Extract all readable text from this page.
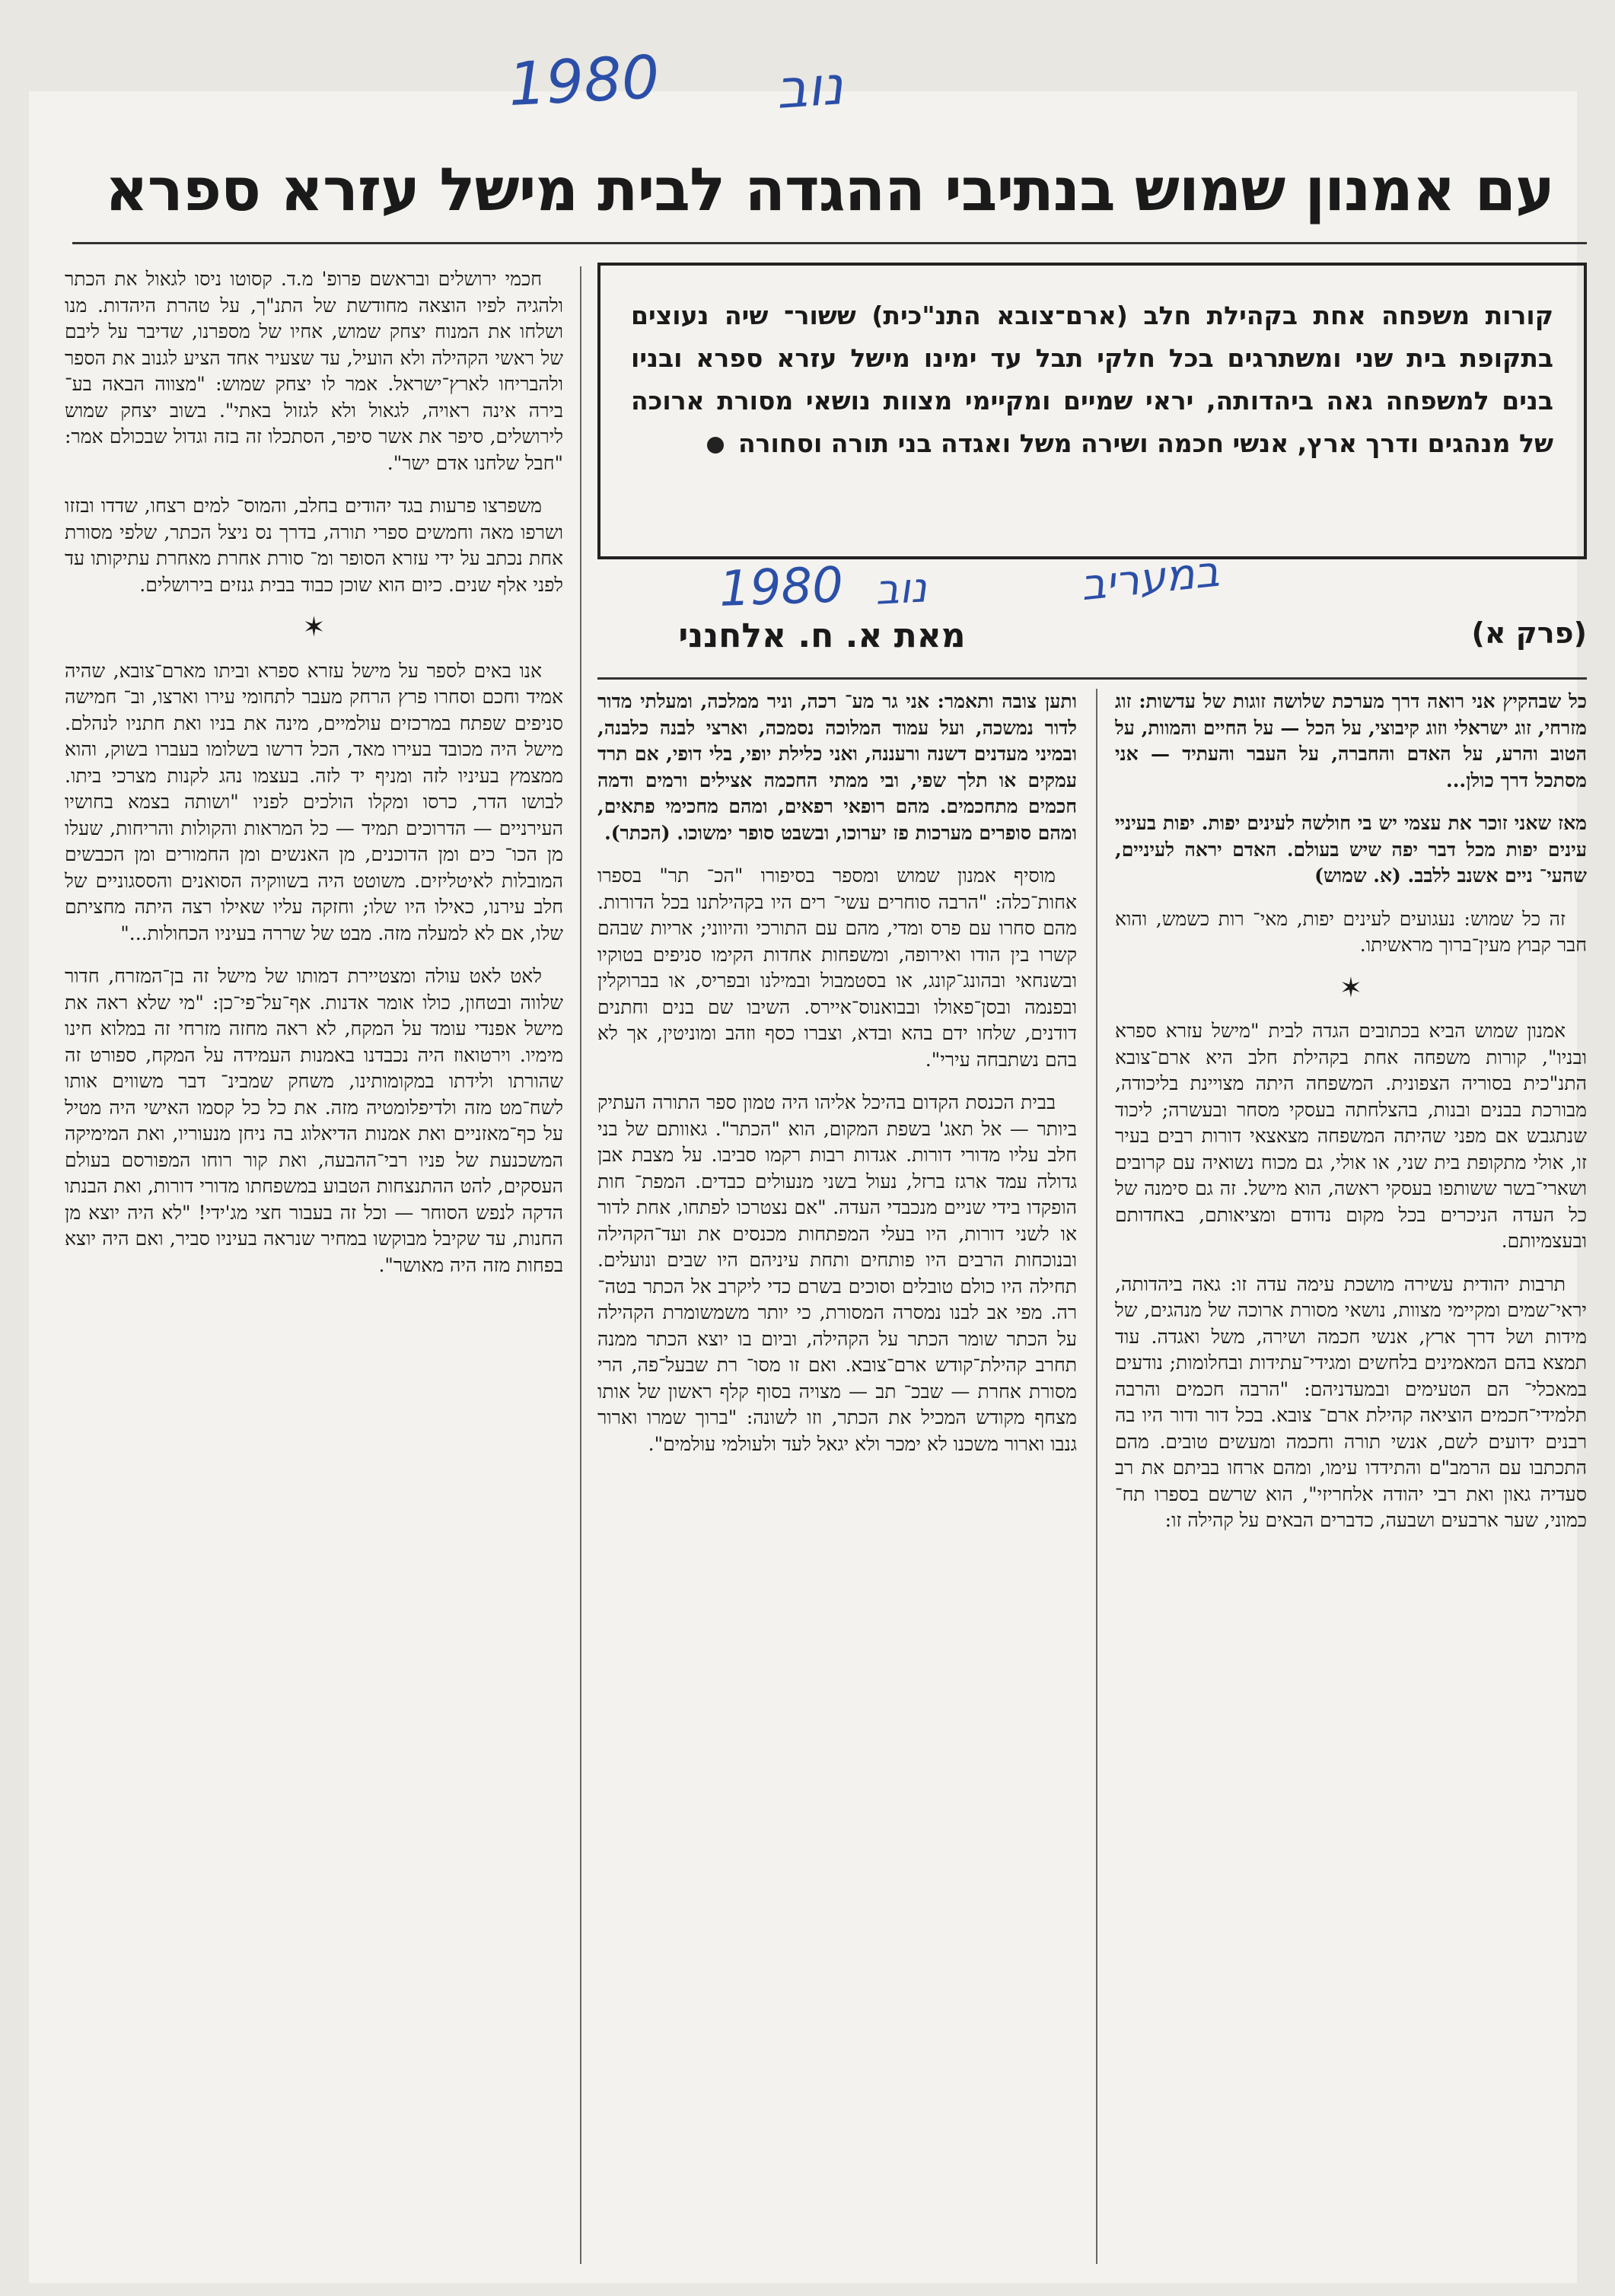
1980 נוב
עם אמנון שמוש בנתיבי ההגדה לבית מישל עזרא ספרא
קורות משפחה אחת בקהילת חלב (ארם־צובא התנ"כית) ששור־ שיה נעוצים בתקופת בית שני ומשתרגים בכל חלקי תבל עד ימינו מישל עזרא ספרא ובניו בנים למשפחה גאה ביהדותה, יראי שמיים ומקיימי מצוות נושאי מסורת ארוכה של מנהגים ודרך ארץ, אנשי חכמה ושירה משל ואגדה בני תורה וסחורה
1980 נוב	במעריב
(פרק א)
מאת א. ח. אלחנני

כל שבהקיץ אני רואה דרך מערכת שלושה זוגות של עדשות: זוג מזרחי, זוג ישראלי וזוג קיבוצי, על הכל — על החיים והמוות, על הטוב והרע, על האדם והחברה, על העבר והעתיד — אני מסתכל דרך כולן...

מאז שאני זוכר את עצמי יש בי חולשה לעינים יפות. יפות בעיניי עינים יפות מכל דבר יפה שיש בעולם. האדם יראה לעיניים, שהעי־ ניים אשנב ללבב. (א. שמוש)

זה כל שמוש: נעגועים לעינים יפות, מאי־ רות כשמש, והוא חבר קבוץ מעין־ברוך מראשיתו.

✶

אמנון שמוש הביא בכתובים הגדה לבית "מישל עזרא ספרא ובניו", קורות משפחה אחת בקהילת חלב היא ארם־צובא התנ"כית בסוריה הצפונית. המשפחה היתה מצויינת בליכודה, מבורכת בבנים ובנות, בהצלחתה בעסקי מסחר ובעשרה; ליכוד שנתגבש אם מפני שהיתה המשפחה מצאצאי דורות רבים בעיר זו, אולי מתקופת בית שני, או אולי, גם מכוח נשואיה עם קרובים ושארי־בשר ששותפו בעסקי ראשה, הוא מישל. זה גם סימנה של כל העדה הניכרים בכל מקום נדודם ומציאותם, באחדותם ובעצמיותם.

תרבות יהודית עשירה מושכת עימה עדה זו: גאה ביהדותה, יראי־שמים ומקיימי מצוות, נושאי מסורת ארוכה של מנהגים, של מידות ושל דרך ארץ, אנשי חכמה ושירה, משל ואגדה. עוד תמצא בהם המאמינים בלחשים ומגידי־עתידות ובחלומות; נודעים במאכלי־ הם הטעימים ובמעדניהם: "הרבה חכמים והרבה תלמידי־חכמים הוציאה קהילת ארם־ צובא. בכל דור ודור היו בה רבנים ידועים לשם, אנשי תורה וחכמה ומעשים טובים. מהם התכתבו עם הרמב"ם והתידדו עימו, ומהם ארחו בביתם את רב סעדיה גאון ואת רבי יהודה אלחריזי", הוא שרשם בספרו תח־ כמוני, שער ארבעים ושבעה, כדברים הבאים על קהילה זו:

ותען צובה ותאמר: אני גר מע־ רכה, וניר ממלכה, ומעלתי מדור לדור נמשכה, ועל עמוד המלוכה נסמכה, וארצי לבנה כלבנה, ובמיני מעדנים דשנה ורעננה, ואני כלילת יופי, בלי דופי, אם תרד עמקים או תלך שפי, ובי ממתי החכמה אצילים ורמים ודמה חכמים מתחכמים. מהם רופאי רפאים, ומהם מחכימי פתאים, ומהם סופרים מערכות פז יערוכו, ובשבט סופר ימשוכו. (הכתר).

מוסיף אמנון שמוש ומספר בסיפורו "הכ־ תר" בספרו אחות־כלה: "הרבה סוחרים עשי־ רים היו בקהילתנו בכל הדורות. מהם סחרו עם פרס ומדי, מהם עם התורכי והיווני; אריות שבהם קשרו בין הודו ואירופה, ומשפחות אחדות הקימו סניפים בטוקיו ובשנחאי ובהונג־קונג, או בסטמבול ובמילנו ובפריס, או בברוקלין ובפנמה ובסן־פאולו ובבואנוס־איירס. השיבו שם בנים וחתנים דודנים, שלחו ידם בהא ובדא, וצברו כסף וזהב ומוניטין, אך לא בהם נשתבחה עירי".

בבית הכנסת הקדום בהיכל אליהו היה טמון ספר התורה העתיק ביותר — אל תאג' בשפת המקום, הוא "הכתר". גאוותם של בני חלב עליו מדורי דורות. אגדות רבות רקמו סביבו. על מצבת אבן גדולה עמד ארגז ברזל, נעול בשני מנעולים כבדים. המפת־ חות הופקדו בידי שניים מנכבדי העדה. "אם נצטרכו לפתחו, אחת לדור או לשני דורות, היו בעלי המפתחות מכנסים את ועד־הקהילה ובנוכחות הרבים היו פותחים ותחת עיניהם היו שבים ונועלים. תחילה היו כולם טובלים וסוכים בשרם כדי ליקרב אל הכתר בטה־ רה. מפי אב לבנו נמסרה המסורת, כי יותר משמשומרת הקהילה על הכתר שומר הכתר על הקהילה, וביום בו יוצא הכתר ממנה תחרב קהילת־קודש ארם־צובא. ואם זו מסו־ רת שבעל־פה, הרי מסורת אחרת — שבכ־ תב — מצויה בסוף קלף ראשון של אותו מצחף מקודש המכיל את הכתר, וזו לשונה: "ברוך שמרו וארור גנבו וארור משכנו לא ימכר ולא יגאל לעד ולעולמי עולמים".

חכמי ירושלים ובראשם פרופ' מ.ד. קסוטו ניסו לגאול את הכתר ולהגיה לפיו הוצאה מחודשת של התנ"ך, על טהרת היהדות. מנו ושלחו את המנוח יצחק שמוש, אחיו של מספרנו, שדיבר על ליבם של ראשי הקהילה ולא הועיל, עד שצעיר אחד הציע לגנוב את הספר ולהבריחו לארץ־ישראל. אמר לו יצחק שמוש: "מצווה הבאה בע־ בירה אינה ראויה, לגאול ולא לגזול באתי". בשוב יצחק שמוש לירושלים, סיפר את אשר סיפר, הסתכלו זה בזה וגדול שבכולם אמר: "חבל שלחנו אדם ישר".

משפרצו פרעות בגד יהודים בחלב, והמוס־ למים רצחו, שדדו ובזזו ושרפו מאה וחמשים ספרי תורה, בדרך נס ניצל הכתר, שלפי מסורת אחת נכתב על ידי עזרא הסופר ומ־ סורת אחרת מאחרת עתיקותו עד לפני אלף שנים. כיום הוא שוכן כבוד בבית גנזים בירושלים.

✶

אנו באים לספר על מישל עזרא ספרא וביתו מארם־צובא, שהיה אמיד וחכם וסחרו פרץ הרחק מעבר לתחומי עירו וארצו, וב־ חמישה סניפים שפתח במרכזים עולמיים, מינה את בניו ואת חתניו לנהלם. מישל היה מכובד בעירו מאד, הכל דרשו בשלומו בעברו בשוק, והוא ממצמץ בעיניו לזה ומניף יד לזה. בעצמו נהג לקנות מצרכי ביתו. לבושו הדר, כרסו ומקלו הולכים לפניו "ושותה בצמא בחושיו העירניים — הדרוכים תמיד — כל המראות והקולות והריחות, שעלו מן הכו־ כים ומן הדוכנים, מן האנשים ומן החמורים ומן הכבשים המובלות לאיטליזים. משוטט היה בשווקיה הסואנים והססגוניים של חלב עירנו, כאילו היו שלו; וחזקה עליו שאילו רצה היתה מחציתם שלו, אם לא למעלה מזה. מבט של שררה בעיניו הכחולות..."

לאט לאט עולה ומצטיירת דמותו של מישל זה בן־המזרח, חדור שלווה ובטחון, כולו אומר אדנות. אף־על־פי־כן: "מי שלא ראה את מישל אפנדי עומד על המקח, לא ראה מחזה מזרחי זה במלוא חינו מימיו. וירטואוז היה נכבדנו באמנות העמידה על המקח, ספורט זה שהורתו ולידתו במקומותינו, משחק שמבינ־ דבר משווים אותו לשח־מט מזה ולדיפלומטיה מזה. את כל כל קסמו האישי היה מטיל על כף־מאזניים ואת אמנות הדיאלוג בה ניחן מנעוריו, ואת המימיקה המשכנעת של פניו רבי־ההבעה, ואת קור רוחו המפורסם בעולם העסקים, להט ההתנצחות הטבוע במשפחתו מדורי דורות, ואת הבנתו הדקה לנפש הסוחר — וכל זה בעבור חצי מג'ידי! "לא היה יוצא מן החנות, עד שקיבל מבוקשו במחיר שנראה בעיניו סביר, ואם היה יוצא בפחות מזה היה מאושר".
